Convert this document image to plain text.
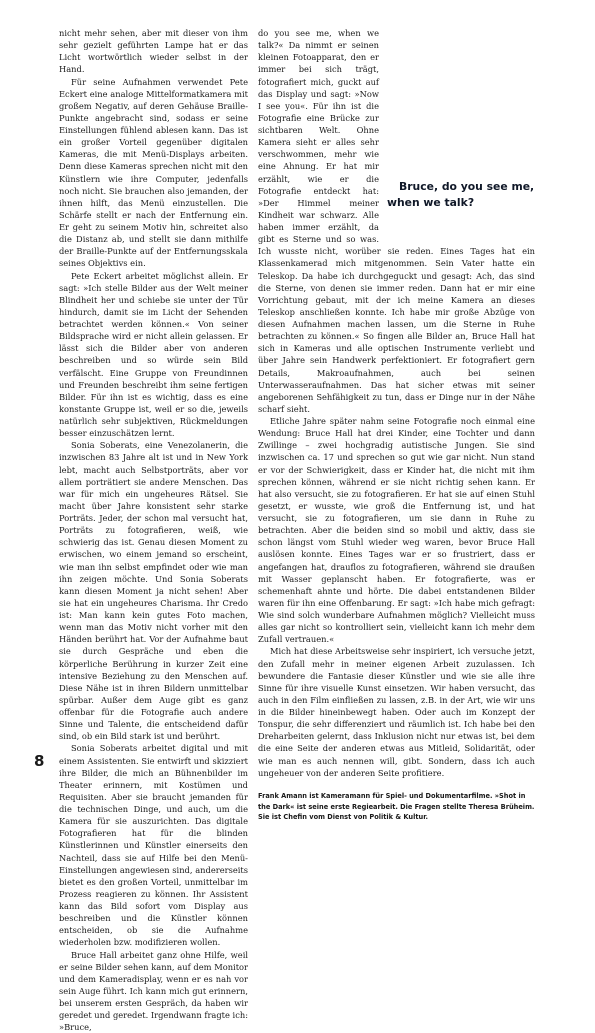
nicht mehr sehen, aber mit dieser von ihm sehr gezielt geführten Lampe hat er das Licht wortwörtlich wieder selbst in der Hand.

Für seine Aufnahmen verwendet Pete Eckert eine analoge Mittelformatkamera mit großem Negativ, auf deren Gehäuse Braille-Punkte angebracht sind, sodass er seine Einstellungen fühlend ablesen kann. Das ist ein großer Vorteil gegenüber digitalen Kameras, die mit Menü-Displays arbeiten. Denn diese Kameras sprechen nicht mit den Künstlern wie ihre Computer, jedenfalls noch nicht. Sie brauchen also jemanden, der ihnen hilft, das Menü einzustellen. Die Schärfe stellt er nach der Entfernung ein. Er geht zu seinem Motiv hin, schreitet also die Distanz ab, und stellt sie dann mithilfe der Braille-Punkte auf der Entfernungsskala seines Objektivs ein.

Pete Eckert arbeitet möglichst allein. Er sagt: »Ich stelle Bilder aus der Welt meiner Blindheit her und schiebe sie unter der Tür hindurch, damit sie im Licht der Sehenden betrachtet werden können.« Von seiner Bildsprache wird er nicht allein gelassen. Er lässt sich die Bilder aber von anderen beschreiben und so würde sein Bild verfälscht. Eine Gruppe von Freundinnen und Freunden beschreibt ihm seine fertigen Bilder. Für ihn ist es wichtig, dass es eine konstante Gruppe ist, weil er so die, jeweils natürlich sehr subjektiven, Rückmeldungen besser einzuschätzen lernt.

Sonia Soberats, eine Venezolanerin, die inzwischen 83 Jahre alt ist und in New York lebt, macht auch Selbstporträts, aber vor allem porträtiert sie andere Menschen. Das war für mich ein ungeheures Rätsel. Sie macht über Jahre konsistent sehr starke Porträts. Jeder, der schon mal versucht hat, Porträts zu fotografieren, weiß, wie schwierig das ist. Genau diesen Moment zu erwischen, wo einem jemand so erscheint, wie man ihn selbst empfindet oder wie man ihn zeigen möchte. Und Sonia Soberats kann diesen Moment ja nicht sehen! Aber sie hat ein ungeheures Charisma. Ihr Credo ist: Man kann kein gutes Foto machen, wenn man das Motiv nicht vorher mit den Händen berührt hat. Vor der Aufnahme baut sie durch Gespräche und eben die körperliche Berührung in kurzer Zeit eine intensive Beziehung zu den Menschen auf. Diese Nähe ist in ihren Bildern unmittelbar spürbar. Außer dem Auge gibt es ganz offenbar für die Fotografie auch andere Sinne und Talente, die entscheidend dafür sind, ob ein Bild stark ist und berührt.

Sonia Soberats arbeitet digital und mit einem Assistenten. Sie entwirft und skizziert ihre Bilder, die mich an Bühnenbilder im Theater erinnern, mit Kostümen und Requisiten. Aber sie braucht jemanden für die technischen Dinge, und auch, um die Kamera für sie auszurichten. Das digitale Fotografieren hat für die blinden Künstlerinnen und Künstler einerseits den Nachteil, dass sie auf Hilfe bei den Menü-Einstellungen angewiesen sind, andererseits bietet es den großen Vorteil, unmittelbar im Prozess reagieren zu können. Ihr Assistent kann das Bild sofort vom Display aus beschreiben und die Künstler können entscheiden, ob sie die Aufnahme wiederholen bzw. modifizieren wollen.

Bruce Hall arbeitet ganz ohne Hilfe, weil er seine Bilder sehen kann, auf dem Monitor und dem Kameradisplay, wenn er es nah vor sein Auge führt. Ich kann mich gut erinnern, bei unserem ersten Gespräch, da haben wir geredet und geredet. Irgendwann fragte ich: »Bruce,

Bruce, do you see me, when we talk?

do you see me, when we talk?« Da nimmt er seinen kleinen Fotoapparat, den er immer bei sich trägt, fotografiert mich, guckt auf das Display und sagt: »Now I see you«. Für ihn ist die Fotografie eine Brücke zur sichtbaren Welt. Ohne Kamera sieht er alles sehr verschwommen, mehr wie eine Ahnung. Er hat mir erzählt, wie er die Fotografie entdeckt hat: »Der Himmel meiner Kindheit war schwarz. Alle haben immer erzählt, da gibt es Sterne und so was. Ich wusste nicht, worüber sie reden. Eines Tages hat ein Klassenkamerad mich mitgenommen. Sein Vater hatte ein Teleskop. Da habe ich durchgeguckt und gesagt: Ach, das sind die Sterne, von denen sie immer reden. Dann hat er mir eine Vorrichtung gebaut, mit der ich meine Kamera an dieses Teleskop anschließen konnte. Ich habe mir große Abzüge von diesen Aufnahmen machen lassen, um die Sterne in Ruhe betrachten zu können.« So fingen alle Bilder an, Bruce Hall hat sich in Kameras und alle optischen Instrumente verliebt und über Jahre sein Handwerk perfektioniert. Er fotografiert gern Details, Makroaufnahmen, auch bei seinen Unterwasseraufnahmen. Das hat sicher etwas mit seiner angeborenen Sehfähigkeit zu tun, dass er Dinge nur in der Nähe scharf sieht.

Etliche Jahre später nahm seine Fotografie noch einmal eine Wendung: Bruce Hall hat drei Kinder, eine Tochter und dann Zwillinge – zwei hochgradig autistische Jungen. Sie sind inzwischen ca. 17 und sprechen so gut wie gar nicht. Nun stand er vor der Schwierigkeit, dass er Kinder hat, die nicht mit ihm sprechen können, während er sie nicht richtig sehen kann. Er hat also versucht, sie zu fotografieren. Er hat sie auf einen Stuhl gesetzt, er wusste, wie groß die Entfernung ist, und hat versucht, sie zu fotografieren, um sie dann in Ruhe zu betrachten. Aber die beiden sind so mobil und aktiv, dass sie schon längst vom Stuhl wieder weg waren, bevor Bruce Hall auslösen konnte. Eines Tages war er so frustriert, dass er angefangen hat, drauflos zu fotografieren, während sie draußen mit Wasser geplanscht haben. Er fotografierte, was er schemenhaft ahnte und hörte. Die dabei entstandenen Bilder waren für ihn eine Offenbarung. Er sagt: »Ich habe mich gefragt: Wie sind solch wunderbare Aufnahmen möglich? Vielleicht muss alles gar nicht so kontrolliert sein, vielleicht kann ich mehr dem Zufall vertrauen.«

Mich hat diese Arbeitsweise sehr inspiriert, ich versuche jetzt, den Zufall mehr in meiner eigenen Arbeit zuzulassen. Ich bewundere die Fantasie dieser Künstler und wie sie alle ihre Sinne für ihre visuelle Kunst einsetzen. Wir haben versucht, das auch in den Film einfließen zu lassen, z.B. in der Art, wie wir uns in die Bilder hineinbewegt haben. Oder auch im Konzept der Tonspur, die sehr differenziert und räumlich ist. Ich habe bei den Dreharbeiten gelernt, dass Inklusion nicht nur etwas ist, bei dem die eine Seite der anderen etwas aus Mitleid, Solidarität, oder wie man es auch nennen will, gibt. Sondern, dass ich auch ungeheuer von der anderen Seite profitiere.

Frank Amann ist Kameramann für Spiel- und Dokumentarfilme. »Shot in the Dark« ist seine erste Regiearbeit. Die Fragen stellte Theresa Brüheim. Sie ist Chefin vom Dienst von Politik & Kultur.

8
